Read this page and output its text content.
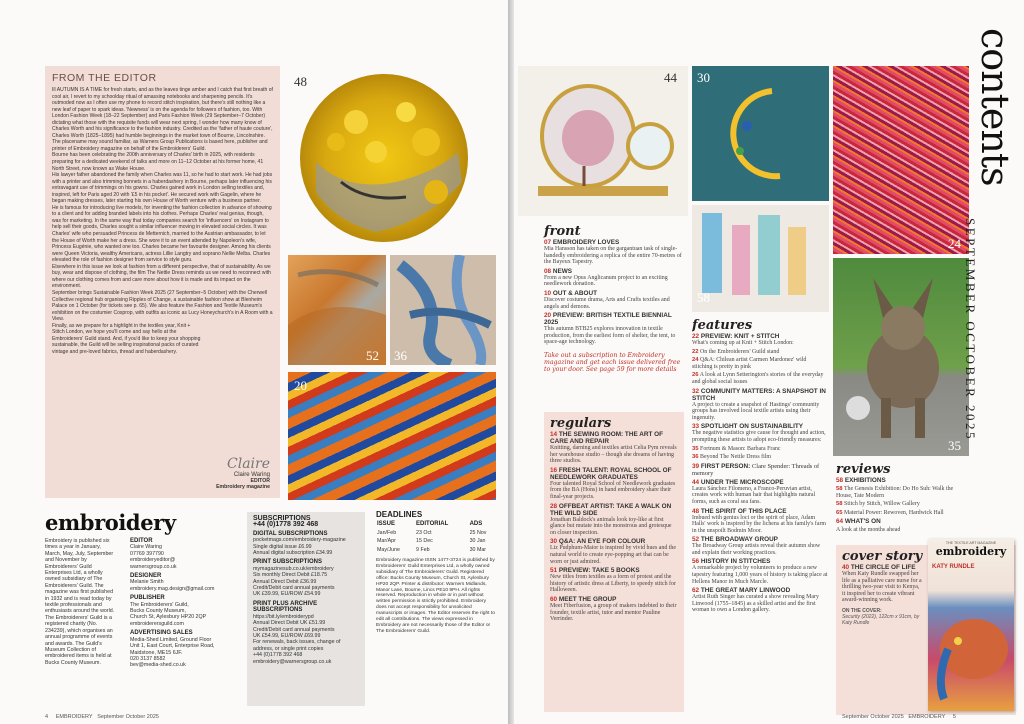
FROM THE EDITOR

Ill AUTUMN IS A TIME for fresh starts, and as the leaves tinge amber and I catch that first breath of cool air, I revert to my schoolday ritual of amassing notebooks and sharpening pencils. It's outmoded now as I often use my phone to record stitch inspiration, but there's still nothing like a new leaf of paper to spark ideas. 'Newness' is on the agenda for followers of fashion, too. With London Fashion Week (18–22 September) and Paris Fashion Week (29 September–7 October) dictating what those with the requisite funds will wear next spring, I wonder how many know of Charles Worth and his significance to the fashion industry. Credited as the 'father of haute couture', Charles Worth (1825–1895) had humble beginnings in the market town of Bourne, Lincolnshire. The placename may sound familiar, as Warners Group Publications is based here, publisher and printer of Embroidery magazine on behalf of the Embroiderers' Guild.

Bourne has been celebrating the 200th anniversary of Charles' birth in 2025, with residents preparing for a dedicated weekend of talks and more on 11–12 October at his former home, 41 North Street, now known as Wake House.

His lawyer father abandoned the family when Charles was 11, so he had to start work. He had jobs with a printer and also trimming bonnets in a haberdashery in Bourne, perhaps later influencing his extravagant use of trimmings on his gowns. Charles gained work in London selling textiles and, inspired, left for Paris aged 20 with '£5 in his pocket'. He secured work with Gagelin, where he began making dresses, later starting his own House of Worth venture with a business partner.

He is famous for introducing live models, for inventing the fashion collection in advance of showing to a client and for adding branded labels into his clothes. Perhaps Charles' real genius, though, was for marketing. In the same way that today companies search for 'influencers' on Instagram to help sell their goods, Charles sought a similar influencer moving in elevated social circles. It was Charles' wife who persuaded Princess de Metternich, married to the Austrian ambassador, to let the House of Worth make her a dress. She wore it to an event attended by Napoleon's wife, Princess Eugénie, who wanted one too. Charles became her favourite designer. Among his clients were Queen Victoria, wealthy Americans, actress Lillie Langtry and soprano Nellie Melba. Charles elevated the role of fashion designer from service to style guru.

Elsewhere in this issue we look at fashion from a different perspective, that of sustainability. As we buy, wear and dispose of clothing, the film The Nettle Dress reminds us we need to reconnect with where our clothing comes from and care more about how it is made and its impact on the environment.

September brings Sustainable Fashion Week 2025 (27 September–5 October) with the Cherwell Collective regional hub organising Ripples of Change, a sustainable fashion show at Blenheim Palace on 1 October (for tickets see p. 65). We also feature the Fashion and Textile Museum's exhibition on the costumier Cosprop, with outfits as iconic as Lucy Honeychurch's in A Room with a View.

Finally, as we prepare for a highlight in the textiles year, Knit + Stitch London, we hope you'll come and say hello at the Embroiderers' Guild stand. And, if you'd like to keep your shopping sustainable, the Guild will be selling inspirational packs of curated vintage and pre-loved fabrics, thread and haberdashery.

Claire
Claire Waring
EDITOR
Embroidery magazine
48
52 36
20
embroidery
Embroidery is published six times a year in January, March, May, July, September and November by Embroiderers' Guild Enterprises Ltd, a wholly owned subsidiary of The Embroiderers' Guild. The magazine was first published in 1932 and is read today by textile professionals and enthusiasts around the world. The Embroiderers' Guild is a registered charity (No. 234239), which organises an annual programme of events and awards. The Guild's Museum Collection of embroidered items is held at Bucks County Museum.

EDITOR
Claire Waring
07769 397790
embroideryeditor@
warnersgroup.co.uk

DESIGNER
Melanie Smith
embroidery.mag.design@gmail.com

PUBLISHER
The Embroiderers' Guild,
Bucks County Museum,
Church St, Aylesbury HP20 2QP
embroiderersguild.com

ADVERTISING SALES
Media-Shed Limited, Ground Floor
Unit 1, East Court, Enterprise Road,
Maidstone, ME15 6JF.
020 3137 8582
bev@media-shed.co.uk

SUBSCRIPTIONS
+44 (0)1778 392 468

DIGITAL SUBSCRIPTIONS
pocketmags.com/embroidery-magazine
Single digital issue £6.99
Annual digital subscription £34.99

PRINT SUBSCRIPTIONS
mymagazinesub.co.uk/embroidery
Six monthly Direct Debit £18.75
Annual Direct Debit £36.99
Credit/Debit card annual payments
UK £39.99, EU/ROW £54.99

PRINT PLUS ARCHIVE SUBSCRIPTIONS
https://bit.ly/embroiderypd
Annual Direct Debit UK £51.99
Credit/Debit card annual payments
UK £54.99, EU/ROW £69.99
For renewals, back issues, change of
address, or single print copies
+44 (0)1778 392 468
embroidery@warnersgroup.co.uk

DEADLINES
ISSUE	EDITORIAL	ADS
Jan/Feb	23 Oct	25 Nov
Mar/Apr	15 Dec	30 Jan
May/June	9 Feb	30 Mar
Embroidery magazine ISSN 1477-3724 is published by Embroiderers' Guild Enterprises Ltd, a wholly owned subsidiary of The Embroiderers' Guild. Registered office: Bucks County Museum, Church St, Aylesbury HP20 2QP. Printer & distributor: Warners Midlands, Manor Lane, Bourne, Lincs PE10 9PH. All rights reserved. Reproduction in whole or in part without written permission is strictly prohibited. Embroidery does not accept responsibility for unsolicited manuscripts or images. The Editor reserves the right to edit all contributions. The views expressed in Embroidery are not necessarily those of the Editor or The Embroiderers' Guild.
4 EMBROIDERY September October 2025
44 30
24
58
35
contents
SEPTEMBER OCTOBER 2025
front
07 EMBROIDERY LOVES
Mia Hansson has taken on the gargantuan task of single-handedly embroidering a replica of the entire 70-metres of the Bayeux Tapestry.
08 NEWS
From a new Opus Anglicanum project to an exciting needlework donation.
10 OUT & ABOUT
Discover costume drama, Arts and Crafts textiles and angels and demons.
20 PREVIEW: BRITISH TEXTILE BIENNIAL 2025
This autumn BTB25 explores innovation in textile production, from the earliest form of shelter, the tent, to space-age technology.
Take out a subscription to Embroidery magazine and get each issue delivered free to your door. See page 59 for more details
regulars
14 THE SEWING ROOM: THE ART OF CARE AND REPAIR
Knitting, darning and textiles artist Celia Pym reveals her warehouse studio – though she dreams of having three studios.
16 FRESH TALENT: ROYAL SCHOOL OF NEEDLEWORK GRADUATES
Four talented Royal School of Needlework graduates from the BA (Hons) in hand embroidery share their final-year projects.
28 OFFBEAT ARTIST: TAKE A WALK ON THE WILD SIDE
Jonathan Baldock's animals look toy-like at first glance but mutate into the monstrous and grotesque on closer inspection.
30 Q&A: AN EYE FOR COLOUR
Liz Pudphum-Maior is inspired by vivid hues and the natural world to create eye-popping art that can be worn or just admired.
51 PREVIEW: TAKE 5 BOOKS
New titles from textiles as a form of protest and the history of artistic dress at Liberty, to speedy stitch for Halloween.
60 MEET THE GROUP
Meet Fiberfusion, a group of makers indebted to their founder, textile artist, tutor and mentor Pauline Verrinder.
features
22 PREVIEW: KNIT + STITCH
What's coming up at Knit + Stitch London:
22 On the Embroiderers' Guild stand
24 Q&A: Chilean artist Carmen Mardonez' wild stitching is pretty in pink
26 A look at Lynn Setterington's stories of the everyday and global social issues
32 COMMUNITY MATTERS: A SNAPSHOT IN STITCH
A project to create a snapshot of Hastings' community groups has involved local textile artists using their ingenuity.
33 SPOTLIGHT ON SUSTAINABILITY
The negative statistics give cause for thought and action, prompting these artists to adopt eco-friendly measures:
35 Fortnum & Mason: Barbara Franc
36 Beyond The Nettle Dress film
39 FIRST PERSON: Clare Spender: Threads of memory
44 UNDER THE MICROSCOPE
Laura Sánchez Filomeno, a Franco-Peruvian artist, creates work with human hair that highlights natural forms, such as coral sea fans.
48 THE SPIRIT OF THIS PLACE
Imbued with genius loci or the spirit of place, Adam Halls' work is inspired by the lichens at his family's farm in the unspoilt Bodmin Moor.
52 THE BROADWAY GROUP
The Broadway Group artists reveal their autumn show and explain their working practices.
56 HISTORY IN STITCHES
A remarkable project by volunteers to produce a new tapestry featuring 1,000 years of history is taking place at Hellens Manor in Much Marcle.
62 THE GREAT MARY LINWOOD
Artist Ruth Singer has curated a show revealing Mary Linwood (1755–1845) as a skilled artist and the first woman to own a London gallery.
reviews
58 EXHIBITIONS
58 The Genesis Exhibition: Do Ho Suh: Walk the House, Tate Modern
58 Stitch by Stitch, Willow Gallery
65 Material Power: Rewoven, Hardwick Hall
64 WHAT'S ON
A look at the months ahead
cover story
40 THE CIRCLE OF LIFE
When Katy Rundle swapped her life as a palliative care nurse for a thrilling two-year visit to Kenya, it inspired her to create vibrant award-winning work.
ON THE COVER:
Security (2022), 122cm x 91cm, by Katy Rundle
THE TEXTILE ART MAGAZINE
embroidery
KATY RUNDLE
September October 2025 EMBROIDERY 5
